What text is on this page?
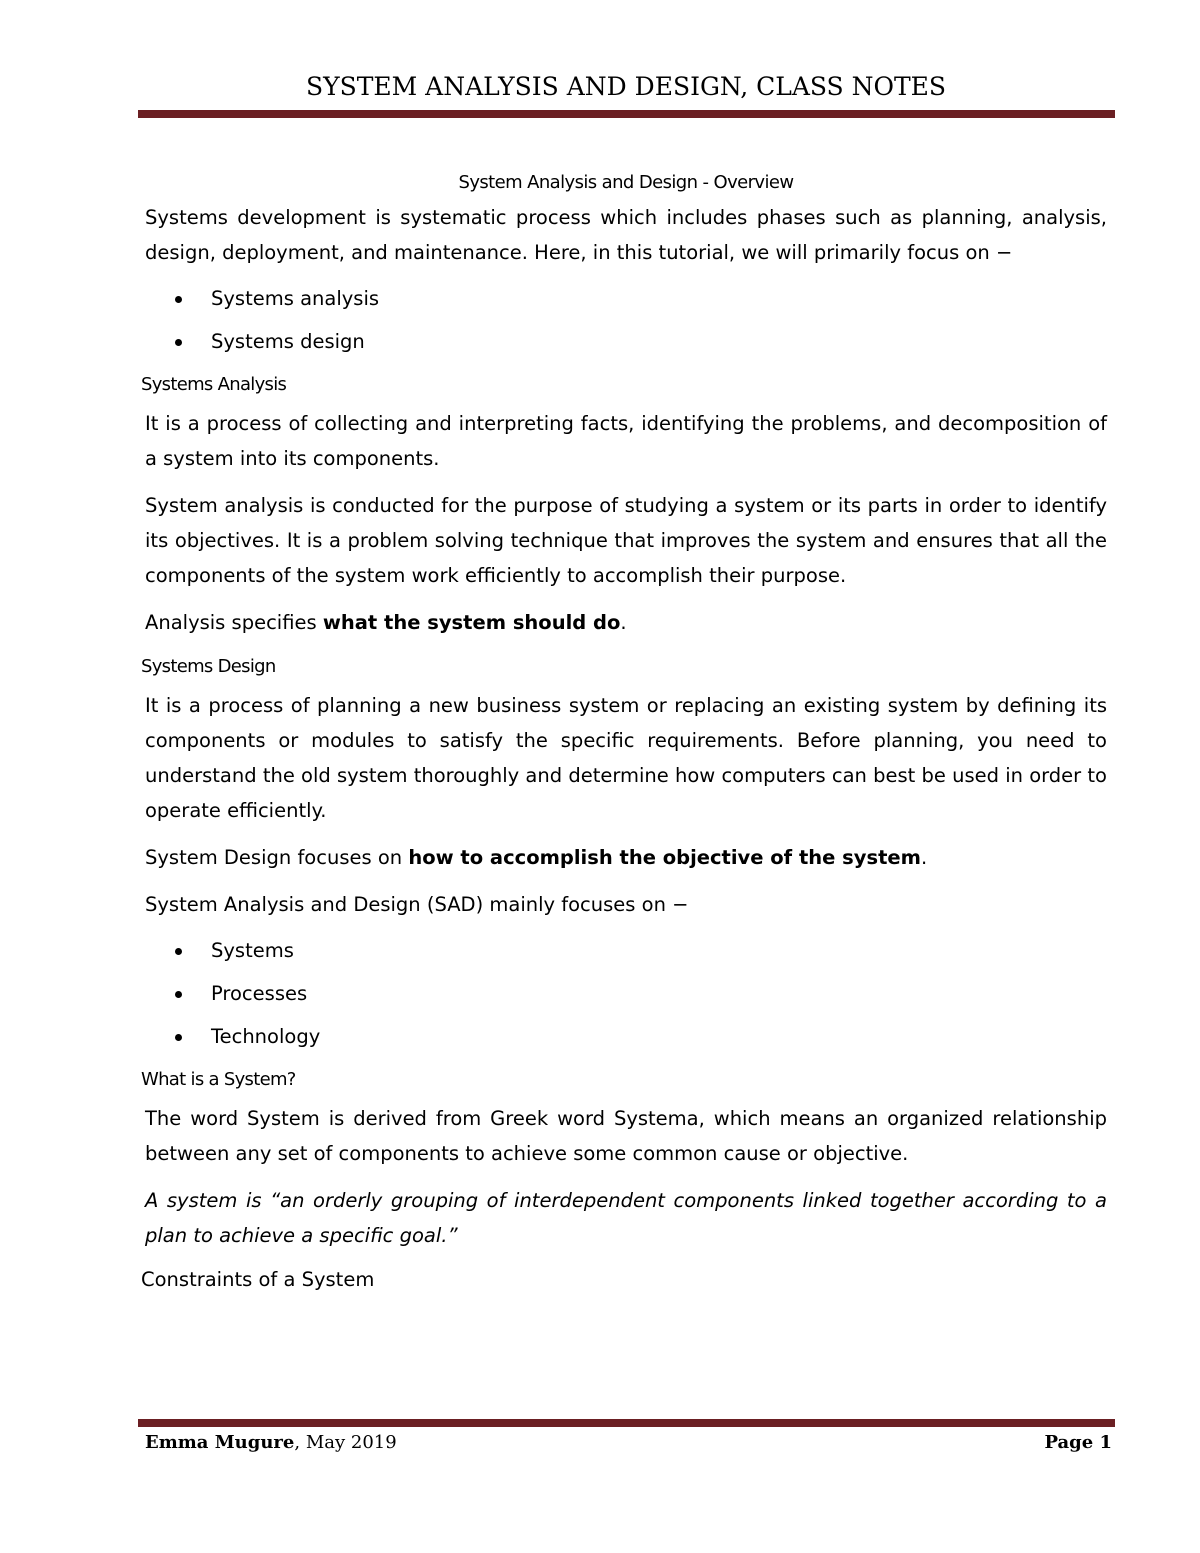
SYSTEM ANALYSIS AND DESIGN, CLASS NOTES
System Analysis and Design - Overview

Systems development is systematic process which includes phases such as planning, analysis, design, deployment, and maintenance. Here, in this tutorial, we will primarily focus on −

Systems analysis
Systems design
Systems Analysis

It is a process of collecting and interpreting facts, identifying the problems, and decomposition of a system into its components.

System analysis is conducted for the purpose of studying a system or its parts in order to identify its objectives. It is a problem solving technique that improves the system and ensures that all the components of the system work efficiently to accomplish their purpose.

Analysis specifies what the system should do.

Systems Design

It is a process of planning a new business system or replacing an existing system by defining its components or modules to satisfy the specific requirements. Before planning, you need to understand the old system thoroughly and determine how computers can best be used in order to operate efficiently.

System Design focuses on how to accomplish the objective of the system.

System Analysis and Design (SAD) mainly focuses on −

Systems
Processes
Technology
What is a System?

The word System is derived from Greek word Systema, which means an organized relationship between any set of components to achieve some common cause or objective.

A system is “an orderly grouping of interdependent components linked together according to a plan to achieve a specific goal.”

Constraints of a System
Emma Mugure, May 2019	Page 1
